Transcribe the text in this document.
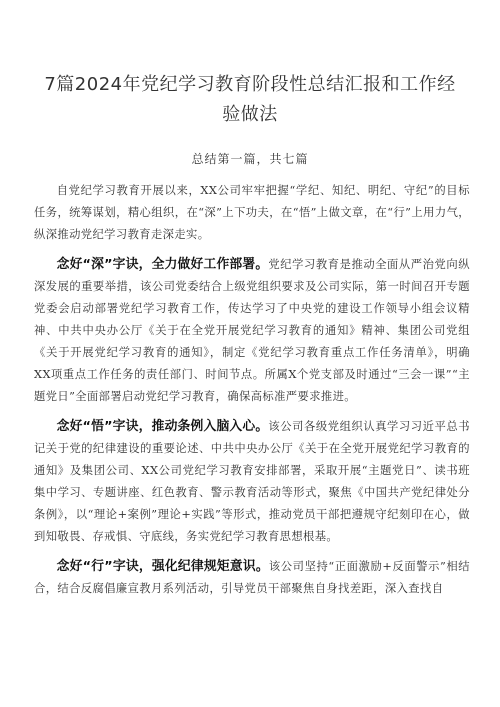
7篇2024年党纪学习教育阶段性总结汇报和工作经验做法
总结第一篇，共七篇

自党纪学习教育开展以来，XX公司牢牢把握“学纪、知纪、明纪、守纪”的目标任务，统筹谋划，精心组织，在“深”上下功夫，在“悟”上做文章，在“行”上用力气，纵深推动党纪学习教育走深走实。

念好“深”字诀，全力做好工作部署。党纪学习教育是推动全面从严治党向纵深发展的重要举措，该公司党委结合上级党组织要求及公司实际，第一时间召开专题党委会启动部署党纪学习教育工作，传达学习了中央党的建设工作领导小组会议精神、中共中央办公厅《关于在全党开展党纪学习教育的通知》精神、集团公司党组《关于开展党纪学习教育的通知》，制定《党纪学习教育重点工作任务清单》，明确XX项重点工作任务的责任部门、时间节点。所属X个党支部及时通过“三会一课”“主题党日”全面部署启动党纪学习教育，确保高标准严要求推进。

念好“悟”字诀，推动条例入脑入心。该公司各级党组织认真学习习近平总书记关于党的纪律建设的重要论述、中共中央办公厅《关于在全党开展党纪学习教育的通知》及集团公司、XX公司党纪学习教育安排部署，采取开展“主题党日”、读书班集中学习、专题讲座、红色教育、警示教育活动等形式，聚焦《中国共产党纪律处分条例》，以“理论+案例”理论+实践”等形式，推动党员干部把遵规守纪刻印在心，做到知敬畏、存戒惧、守底线，务实党纪学习教育思想根基。

念好“行”字诀，强化纪律规矩意识。该公司坚持“正面激励+反面警示”相结合，结合反腐倡廉宣教月系列活动，引导党员干部聚焦自身找差距，深入查找自
